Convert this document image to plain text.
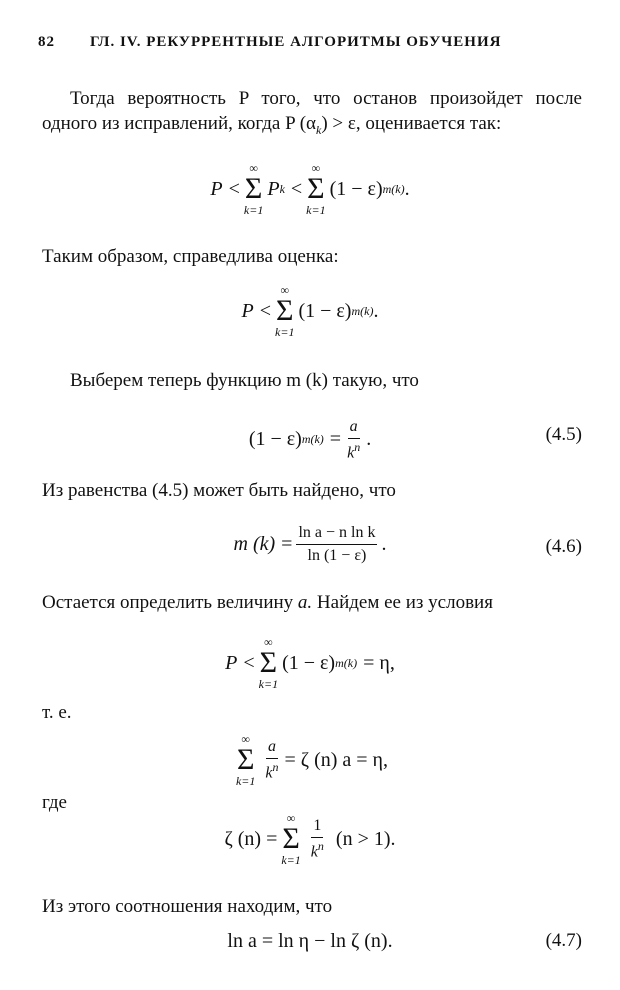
82 ГЛ. IV. РЕКУРРЕНТНЫЕ АЛГОРИТМЫ ОБУЧЕНИЯ
Тогда вероятность P того, что останов произойдет после одного из исправлений, когда P $(\alpha_k) > \varepsilon$, оценивается так:
P <
∞
Σ
k=1
P k <
∞
Σ
k=1
(1 − ε) m(k) .
Таким образом, справедлива оценка:
P <
∞
Σ
k=1
(1 − ε) m(k) .
Выберем теперь функцию m (k) такую, что
(1 − ε) $m(k) = \frac{a}{k^n}$ .	(4.5)
Из равенства (4.5) может быть найдено, что
m $(k) = \frac{\text{ln a − n ln k}}{\ln (1 - \varepsilon)}$ .	(4.6)
Остается определить величину a. Найдем ее из условия
P <
∞
Σ
k=1
(1 − ε) m(k) = η,
т. е.
∞
Σ
$k=1 \frac{a}{k^n} = \zeta$ (n) a = η,
где
ζ (n) =
∞
Σ
$k=1 \frac{1}{k^n} (n > 1)$.
Из этого соотношения находим, что
ln a = ln η − ln ζ (n).	(4.7)
